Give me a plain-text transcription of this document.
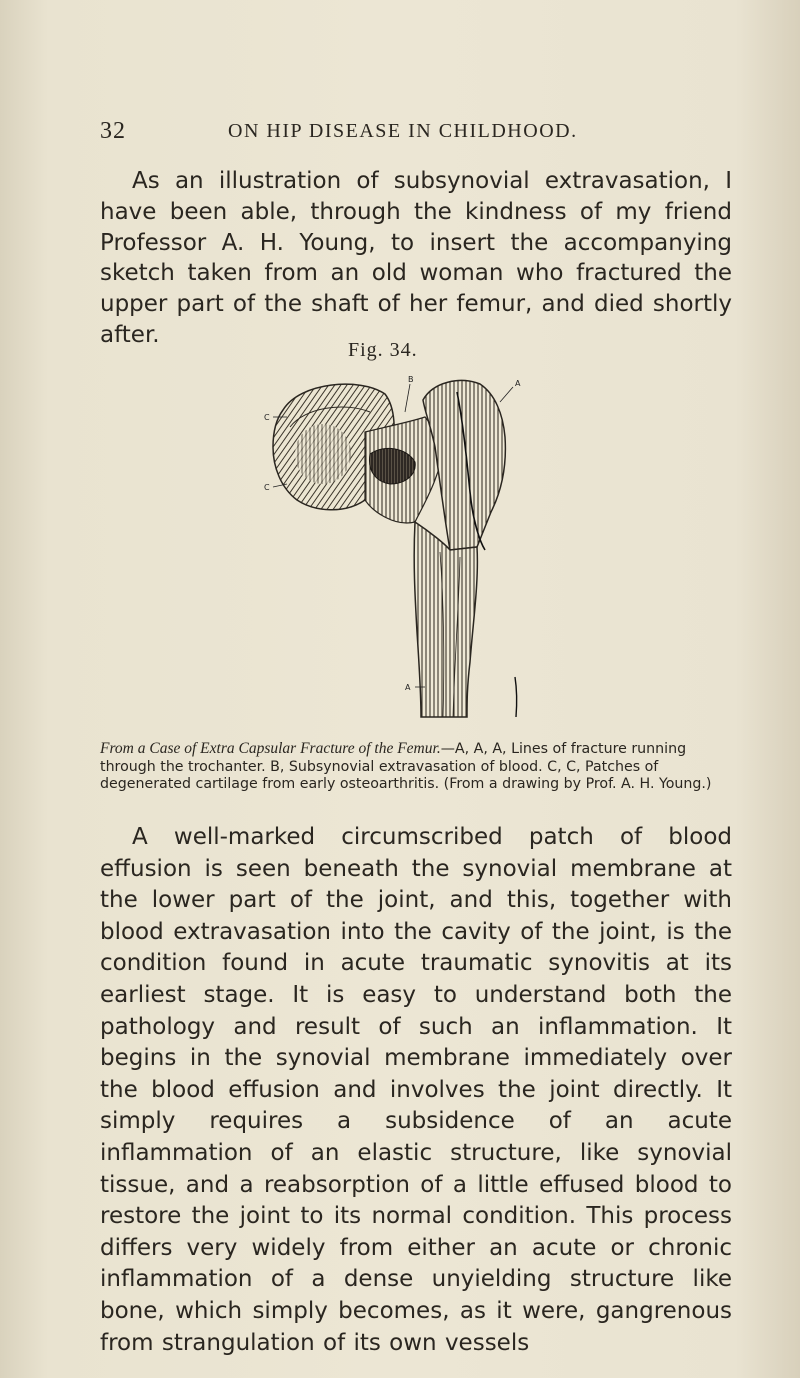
32	ON HIP DISEASE IN CHILDHOOD.

As an illustration of subsynovial extravasation, I have been able, through the kindness of my friend Professor A. H. Young, to insert the accompanying sketch taken from an old woman who fractured the upper part of the shaft of her femur, and died shortly after.

Fig. 34.
C
C
B	A
A
From a Case of Extra Capsular Fracture of the Femur.—A, A, A, Lines of fracture running through the trochanter. B, Subsynovial extravasation of blood. C, C, Patches of degenerated cartilage from early osteoarthritis. (From a drawing by Prof. A. H. Young.)

A well-marked circumscribed patch of blood effusion is seen beneath the synovial membrane at the lower part of the joint, and this, together with blood extravasation into the cavity of the joint, is the condition found in acute traumatic synovitis at its earliest stage. It is easy to understand both the pathology and result of such an inflammation. It begins in the synovial membrane immediately over the blood effusion and involves the joint directly. It simply requires a subsidence of an acute inflammation of an elastic structure, like synovial tissue, and a reabsorption of a little effused blood to restore the joint to its normal condition. This process differs very widely from either an acute or chronic inflammation of a dense unyielding structure like bone, which simply becomes, as it were, gangrenous from strangulation of its own vessels
